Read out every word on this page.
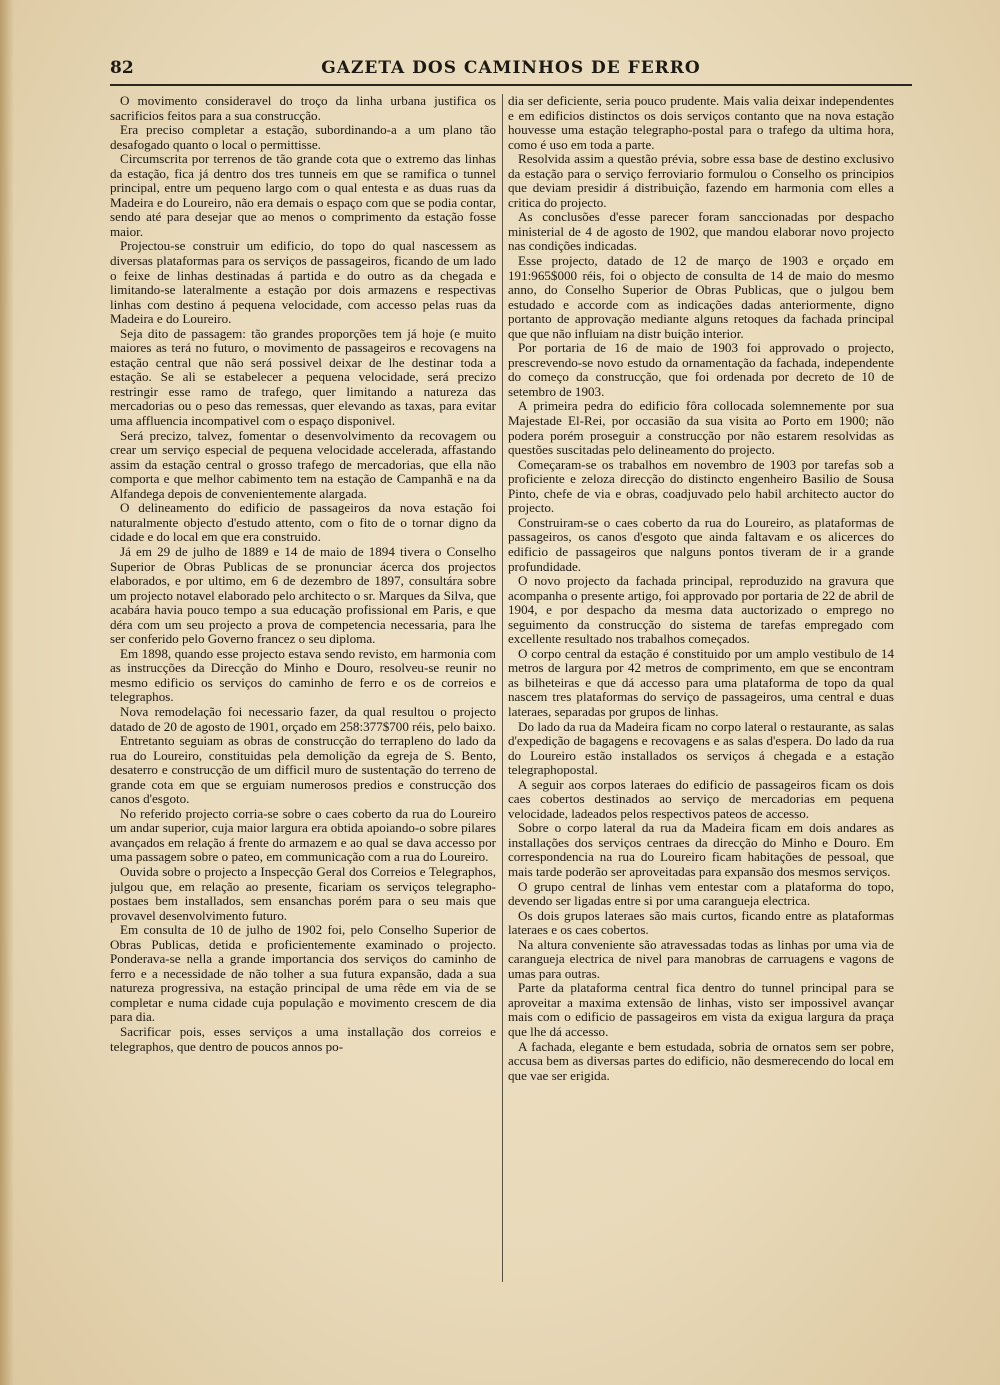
82	GAZETA DOS CAMINHOS DE FERRO

O movimento consideravel do troço da linha urbana justifica os sacrificios feitos para a sua construcção.

Era preciso completar a estação, subordinando-a a um plano tão desafogado quanto o local o permittisse.

Circumscrita por terrenos de tão grande cota que o extremo das linhas da estação, fica já dentro dos tres tunneis em que se ramifica o tunnel principal, entre um pequeno largo com o qual entesta e as duas ruas da Madeira e do Loureiro, não era demais o espaço com que se podia contar, sendo até para desejar que ao menos o comprimento da estação fosse maior.

Projectou-se construir um edificio, do topo do qual nascessem as diversas plataformas para os serviços de passageiros, ficando de um lado o feixe de linhas destinadas á partida e do outro as da chegada e limitando-se lateralmente a estação por dois armazens e respectivas linhas com destino á pequena velocidade, com accesso pelas ruas da Madeira e do Loureiro.

Seja dito de passagem: tão grandes proporções tem já hoje (e muito maiores as terá no futuro, o movimento de passageiros e recovagens na estação central que não será possivel deixar de lhe destinar toda a estação. Se ali se estabelecer a pequena velocidade, será precizo restringir esse ramo de trafego, quer limitando a natureza das mercadorias ou o peso das remessas, quer elevando as taxas, para evitar uma affluencia incompativel com o espaço disponivel.

Será precizo, talvez, fomentar o desenvolvimento da recovagem ou crear um serviço especial de pequena velocidade accelerada, affastando assim da estação central o grosso trafego de mercadorias, que ella não comporta e que melhor cabimento tem na estação de Campanhã e na da Alfandega depois de convenientemente alargada.

O delineamento do edificio de passageiros da nova estação foi naturalmente objecto d'estudo attento, com o fito de o tornar digno da cidade e do local em que era construido.

Já em 29 de julho de 1889 e 14 de maio de 1894 tivera o Conselho Superior de Obras Publicas de se pronunciar ácerca dos projectos elaborados, e por ultimo, em 6 de dezembro de 1897, consultára sobre um projecto notavel elaborado pelo architecto o sr. Marques da Silva, que acabára havia pouco tempo a sua educação profissional em Paris, e que déra com um seu projecto a prova de competencia necessaria, para lhe ser conferido pelo Governo francez o seu diploma.

Em 1898, quando esse projecto estava sendo revisto, em harmonia com as instrucções da Direcção do Minho e Douro, resolveu-se reunir no mesmo edificio os serviços do caminho de ferro e os de correios e telegraphos.

Nova remodelação foi necessario fazer, da qual resultou o projecto datado de 20 de agosto de 1901, orçado em 258:377$700 réis, pelo baixo.

Entretanto seguiam as obras de construcção do terrapleno do lado da rua do Loureiro, constituidas pela demolição da egreja de S. Bento, desaterro e construcção de um difficil muro de sustentação do terreno de grande cota em que se erguiam numerosos predios e construcção dos canos d'esgoto.

No referido projecto corria-se sobre o caes coberto da rua do Loureiro um andar superior, cuja maior largura era obtida apoiando-o sobre pilares avançados em relação á frente do armazem e ao qual se dava accesso por uma passagem sobre o pateo, em communicação com a rua do Loureiro.

Ouvida sobre o projecto a Inspecção Geral dos Correios e Telegraphos, julgou que, em relação ao presente, ficariam os serviços telegrapho-postaes bem installados, sem ensanchas porém para o seu mais que provavel desenvolvimento futuro.

Em consulta de 10 de julho de 1902 foi, pelo Conselho Superior de Obras Publicas, detida e proficientemente examinado o projecto. Ponderava-se nella a grande importancia dos serviços do caminho de ferro e a necessidade de não tolher a sua futura expansão, dada a sua natureza progressiva, na estação principal de uma rêde em via de se completar e numa cidade cuja população e movimento crescem de dia para dia.

Sacrificar pois, esses serviços a uma installação dos correios e telegraphos, que dentro de poucos annos po-

dia ser deficiente, seria pouco prudente. Mais valia deixar independentes e em edificios distinctos os dois serviços contanto que na nova estação houvesse uma estação telegrapho-postal para o trafego da ultima hora, como é uso em toda a parte.

Resolvida assim a questão prévia, sobre essa base de destino exclusivo da estação para o serviço ferroviario formulou o Conselho os principios que deviam presidir á distribuição, fazendo em harmonia com elles a critica do projecto.

As conclusões d'esse parecer foram sanccionadas por despacho ministerial de 4 de agosto de 1902, que mandou elaborar novo projecto nas condições indicadas.

Esse projecto, datado de 12 de março de 1903 e orçado em 191:965$000 réis, foi o objecto de consulta de 14 de maio do mesmo anno, do Conselho Superior de Obras Publicas, que o julgou bem estudado e accorde com as indicações dadas anteriormente, digno portanto de approvação mediante alguns retoques da fachada principal que que não influiam na distr buição interior.

Por portaria de 16 de maio de 1903 foi approvado o projecto, prescrevendo-se novo estudo da ornamentação da fachada, independente do começo da construcção, que foi ordenada por decreto de 10 de setembro de 1903.

A primeira pedra do edificio fôra collocada solemnemente por sua Majestade El-Rei, por occasião da sua visita ao Porto em 1900; não podera porém proseguir a construcção por não estarem resolvidas as questões suscitadas pelo delineamento do projecto.

Começaram-se os trabalhos em novembro de 1903 por tarefas sob a proficiente e zeloza direcção do distincto engenheiro Basilio de Sousa Pinto, chefe de via e obras, coadjuvado pelo habil architecto auctor do projecto.

Construiram-se o caes coberto da rua do Loureiro, as plataformas de passageiros, os canos d'esgoto que ainda faltavam e os alicerces do edificio de passageiros que nalguns pontos tiveram de ir a grande profundidade.

O novo projecto da fachada principal, reproduzido na gravura que acompanha o presente artigo, foi approvado por portaria de 22 de abril de 1904, e por despacho da mesma data auctorizado o emprego no seguimento da construcção do sistema de tarefas empregado com excellente resultado nos trabalhos começados.

O corpo central da estação é constituido por um amplo vestibulo de 14 metros de largura por 42 metros de comprimento, em que se encontram as bilheteiras e que dá accesso para uma plataforma de topo da qual nascem tres plataformas do serviço de passageiros, uma central e duas lateraes, separadas por grupos de linhas.

Do lado da rua da Madeira ficam no corpo lateral o restaurante, as salas d'expedição de bagagens e recovagens e as salas d'espera. Do lado da rua do Loureiro estão installados os serviços á chegada e a estação telegraphopostal.

A seguir aos corpos lateraes do edificio de passageiros ficam os dois caes cobertos destinados ao serviço de mercadorias em pequena velocidade, ladeados pelos respectivos pateos de accesso.

Sobre o corpo lateral da rua da Madeira ficam em dois andares as installações dos serviços centraes da direcção do Minho e Douro. Em correspondencia na rua do Loureiro ficam habitações de pessoal, que mais tarde poderão ser aproveitadas para expansão dos mesmos serviços.

O grupo central de linhas vem entestar com a plataforma do topo, devendo ser ligadas entre si por uma carangueja electrica.

Os dois grupos lateraes são mais curtos, ficando entre as plataformas lateraes e os caes cobertos.

Na altura conveniente são atravessadas todas as linhas por uma via de carangueja electrica de nivel para manobras de carruagens e vagons de umas para outras.

Parte da plataforma central fica dentro do tunnel principal para se aproveitar a maxima extensão de linhas, visto ser impossivel avançar mais com o edificio de passageiros em vista da exigua largura da praça que lhe dá accesso.

A fachada, elegante e bem estudada, sobria de ornatos sem ser pobre, accusa bem as diversas partes do edificio, não desmerecendo do local em que vae ser erigida.
